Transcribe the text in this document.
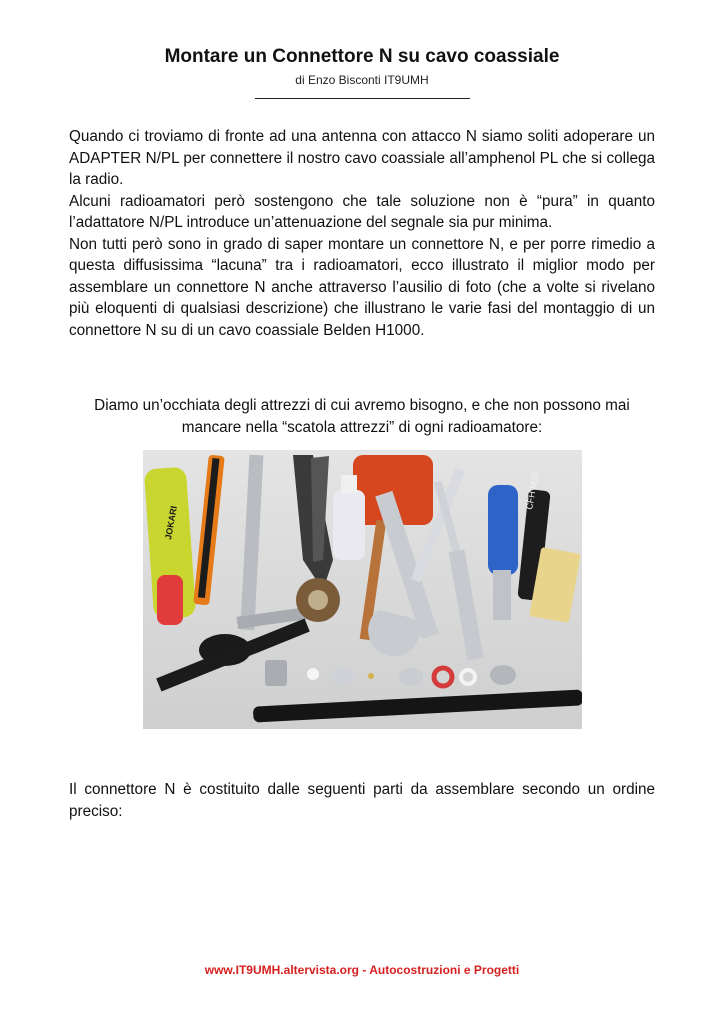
Montare un Connettore N su cavo coassiale
di Enzo Bisconti IT9UMH

Quando ci troviamo di fronte ad una antenna con attacco N siamo soliti adoperare un ADAPTER N/PL per connettere il nostro cavo coassiale all’amphenol PL che si collega la radio.

Alcuni radioamatori però sostengono che tale soluzione non è “pura” in quanto l’adattatore N/PL introduce un’attenuazione del segnale sia pur minima.

Non tutti però sono in grado di saper montare un connettore N, e per porre rimedio a questa diffusissima “lacuna” tra i radioamatori, ecco illustrato il miglior modo per assemblare un connettore N anche attraverso l’ausilio di foto (che a volte si rivelano più eloquenti di qualsiasi descrizione) che illustrano le varie fasi del montaggio di un connettore N su di un cavo coassiale Belden H1000.

Diamo un’occhiata degli attrezzi di cui avremo bisogno, e che non possono mai mancare nella “scatola attrezzi” di ogni radioamatore:
JOKARI
CFH M20
Il connettore N è costituito dalle seguenti parti da assemblare secondo un ordine preciso:
www.IT9UMH.altervista.org - Autocostruzioni e Progetti
